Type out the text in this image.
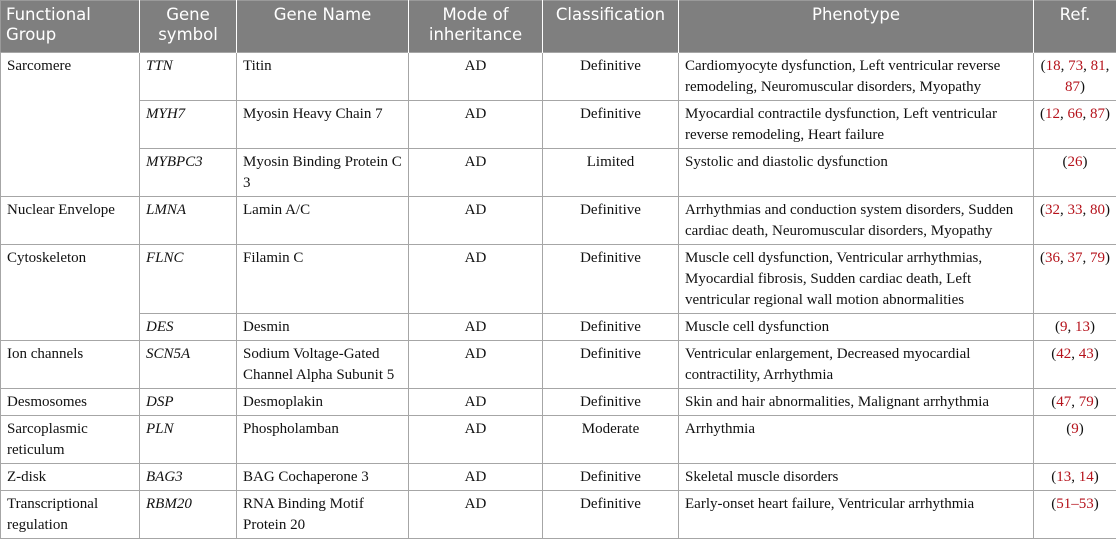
Functional Group	Gene symbol	Gene Name	Mode of inheritance	Classification	Phenotype	Ref.
Sarcomere	TTN	Titin	AD	Definitive	Cardiomyocyte dysfunction, Left ventricular reverse remodeling, Neuromuscular disorders, Myopathy	(18, 73, 81, 87)
	MYH7	Myosin Heavy Chain 7	AD	Definitive	Myocardial contractile dysfunction, Left ventricular reverse remodeling, Heart failure	(12, 66, 87)
	MYBPC3	Myosin Binding Protein C 3	AD	Limited	Systolic and diastolic dysfunction	(26)
Nuclear Envelope	LMNA	Lamin A/C	AD	Definitive	Arrhythmias and conduction system disorders, Sudden cardiac death, Neuromuscular disorders, Myopathy	(32, 33, 80)
Cytoskeleton	FLNC	Filamin C	AD	Definitive	Muscle cell dysfunction, Ventricular arrhythmias, Myocardial fibrosis, Sudden cardiac death, Left ventricular regional wall motion abnormalities	(36, 37, 79)
	DES	Desmin	AD	Definitive	Muscle cell dysfunction	(9, 13)
Ion channels	SCN5A	Sodium Voltage-Gated Channel Alpha Subunit 5	AD	Definitive	Ventricular enlargement, Decreased myocardial contractility, Arrhythmia	(42, 43)
Desmosomes	DSP	Desmoplakin	AD	Definitive	Skin and hair abnormalities, Malignant arrhythmia	(47, 79)
Sarcoplasmic reticulum	PLN	Phospholamban	AD	Moderate	Arrhythmia	(9)
Z-disk	BAG3	BAG Cochaperone 3	AD	Definitive	Skeletal muscle disorders	(13, 14)
Transcriptional regulation	RBM20	RNA Binding Motif Protein 20	AD	Definitive	Early-onset heart failure, Ventricular arrhythmia	(51–53)
